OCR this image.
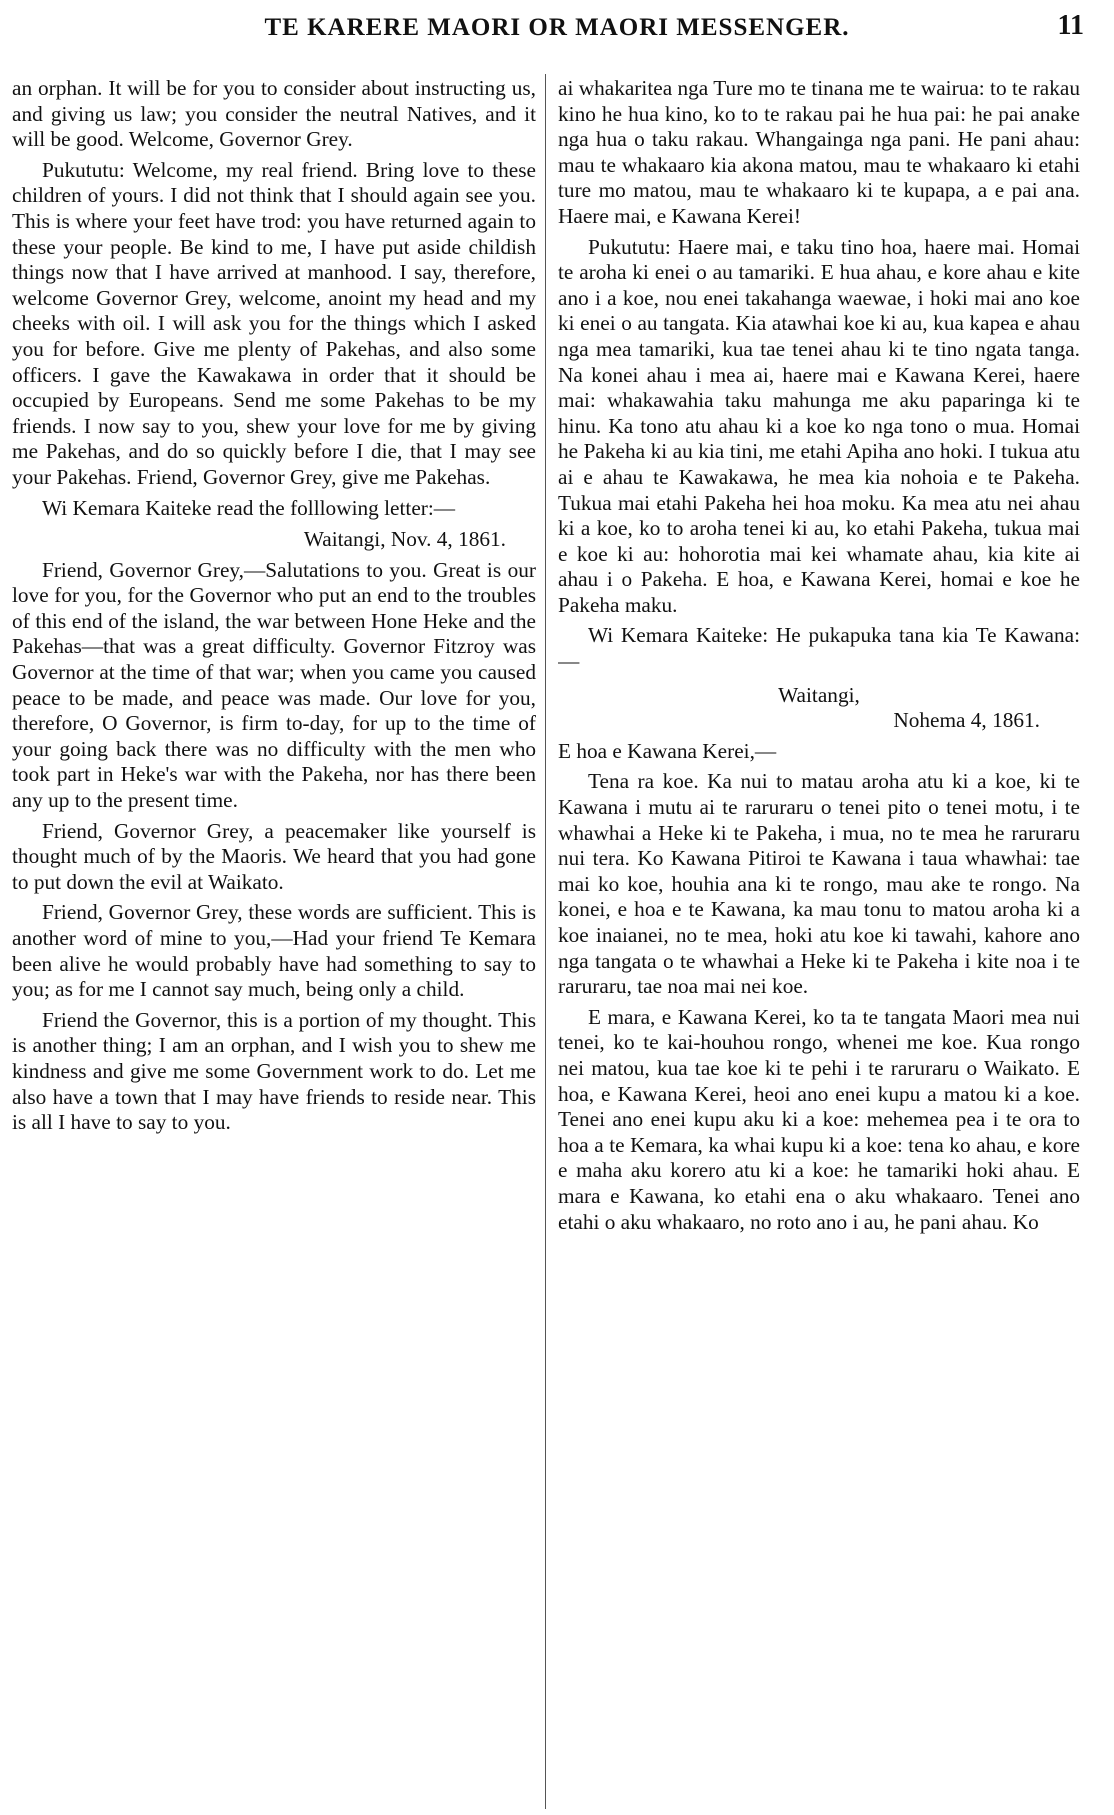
TE KARERE MAORI OR MAORI MESSENGER.	11

an orphan. It will be for you to consider about instructing us, and giving us law; you consider the neutral Natives, and it will be good. Welcome, Governor Grey.

Pukututu: Welcome, my real friend. Bring love to these children of yours. I did not think that I should again see you. This is where your feet have trod: you have returned again to these your people. Be kind to me, I have put aside childish things now that I have arrived at manhood. I say, therefore, welcome Governor Grey, welcome, anoint my head and my cheeks with oil. I will ask you for the things which I asked you for before. Give me plenty of Pakehas, and also some officers. I gave the Kawakawa in order that it should be occupied by Europeans. Send me some Pakehas to be my friends. I now say to you, shew your love for me by giving me Pakehas, and do so quickly before I die, that I may see your Pakehas. Friend, Governor Grey, give me Pakehas.

Wi Kemara Kaiteke read the folllowing letter:—

Waitangi, Nov. 4, 1861.

Friend, Governor Grey,—Salutations to you. Great is our love for you, for the Governor who put an end to the troubles of this end of the island, the war between Hone Heke and the Pakehas—that was a great difficulty. Governor Fitzroy was Governor at the time of that war; when you came you caused peace to be made, and peace was made. Our love for you, therefore, O Governor, is firm to-day, for up to the time of your going back there was no difficulty with the men who took part in Heke's war with the Pakeha, nor has there been any up to the present time.

Friend, Governor Grey, a peacemaker like yourself is thought much of by the Maoris. We heard that you had gone to put down the evil at Waikato.

Friend, Governor Grey, these words are sufficient. This is another word of mine to you,—Had your friend Te Kemara been alive he would probably have had something to say to you; as for me I cannot say much, being only a child.

Friend the Governor, this is a portion of my thought. This is another thing; I am an orphan, and I wish you to shew me kindness and give me some Government work to do. Let me also have a town that I may have friends to reside near. This is all I have to say to you.

ai whakaritea nga Ture mo te tinana me te wairua: to te rakau kino he hua kino, ko to te rakau pai he hua pai: he pai anake nga hua o taku rakau. Whangainga nga pani. He pani ahau: mau te whakaaro kia akona matou, mau te whakaaro ki etahi ture mo matou, mau te whakaaro ki te kupapa, a e pai ana. Haere mai, e Kawana Kerei!

Pukututu: Haere mai, e taku tino hoa, haere mai. Homai te aroha ki enei o au tamariki. E hua ahau, e kore ahau e kite ano i a koe, nou enei takahanga waewae, i hoki mai ano koe ki enei o au tangata. Kia atawhai koe ki au, kua kapea e ahau nga mea tamariki, kua tae tenei ahau ki te tino ngata tanga. Na konei ahau i mea ai, haere mai e Kawana Kerei, haere mai: whakawahia taku mahunga me aku paparinga ki te hinu. Ka tono atu ahau ki a koe ko nga tono o mua. Homai he Pakeha ki au kia tini, me etahi Apiha ano hoki. I tukua atu ai e ahau te Kawakawa, he mea kia nohoia e te Pakeha. Tukua mai etahi Pakeha hei hoa moku. Ka mea atu nei ahau ki a koe, ko to aroha tenei ki au, ko etahi Pakeha, tukua mai e koe ki au: hohorotia mai kei whamate ahau, kia kite ai ahau i o Pakeha. E hoa, e Kawana Kerei, homai e koe he Pakeha maku.

Wi Kemara Kaiteke: He pukapuka tana kia Te Kawana:—

Waitangi,

Nohema 4, 1861.

E hoa e Kawana Kerei,—

Tena ra koe. Ka nui to matau aroha atu ki a koe, ki te Kawana i mutu ai te raruraru o tenei pito o tenei motu, i te whawhai a Heke ki te Pakeha, i mua, no te mea he raruraru nui tera. Ko Kawana Pitiroi te Kawana i taua whawhai: tae mai ko koe, houhia ana ki te rongo, mau ake te rongo. Na konei, e hoa e te Kawana, ka mau tonu to matou aroha ki a koe inaianei, no te mea, hoki atu koe ki tawahi, kahore ano nga tangata o te whawhai a Heke ki te Pakeha i kite noa i te raruraru, tae noa mai nei koe.

E mara, e Kawana Kerei, ko ta te tangata Maori mea nui tenei, ko te kai-houhou rongo, whenei me koe. Kua rongo nei matou, kua tae koe ki te pehi i te raruraru o Waikato. E hoa, e Kawana Kerei, heoi ano enei kupu a matou ki a koe. Tenei ano enei kupu aku ki a koe: mehemea pea i te ora to hoa a te Kemara, ka whai kupu ki a koe: tena ko ahau, e kore e maha aku korero atu ki a koe: he tamariki hoki ahau. E mara e Kawana, ko etahi ena o aku whakaaro. Tenei ano etahi o aku whakaaro, no roto ano i au, he pani ahau. Ko
